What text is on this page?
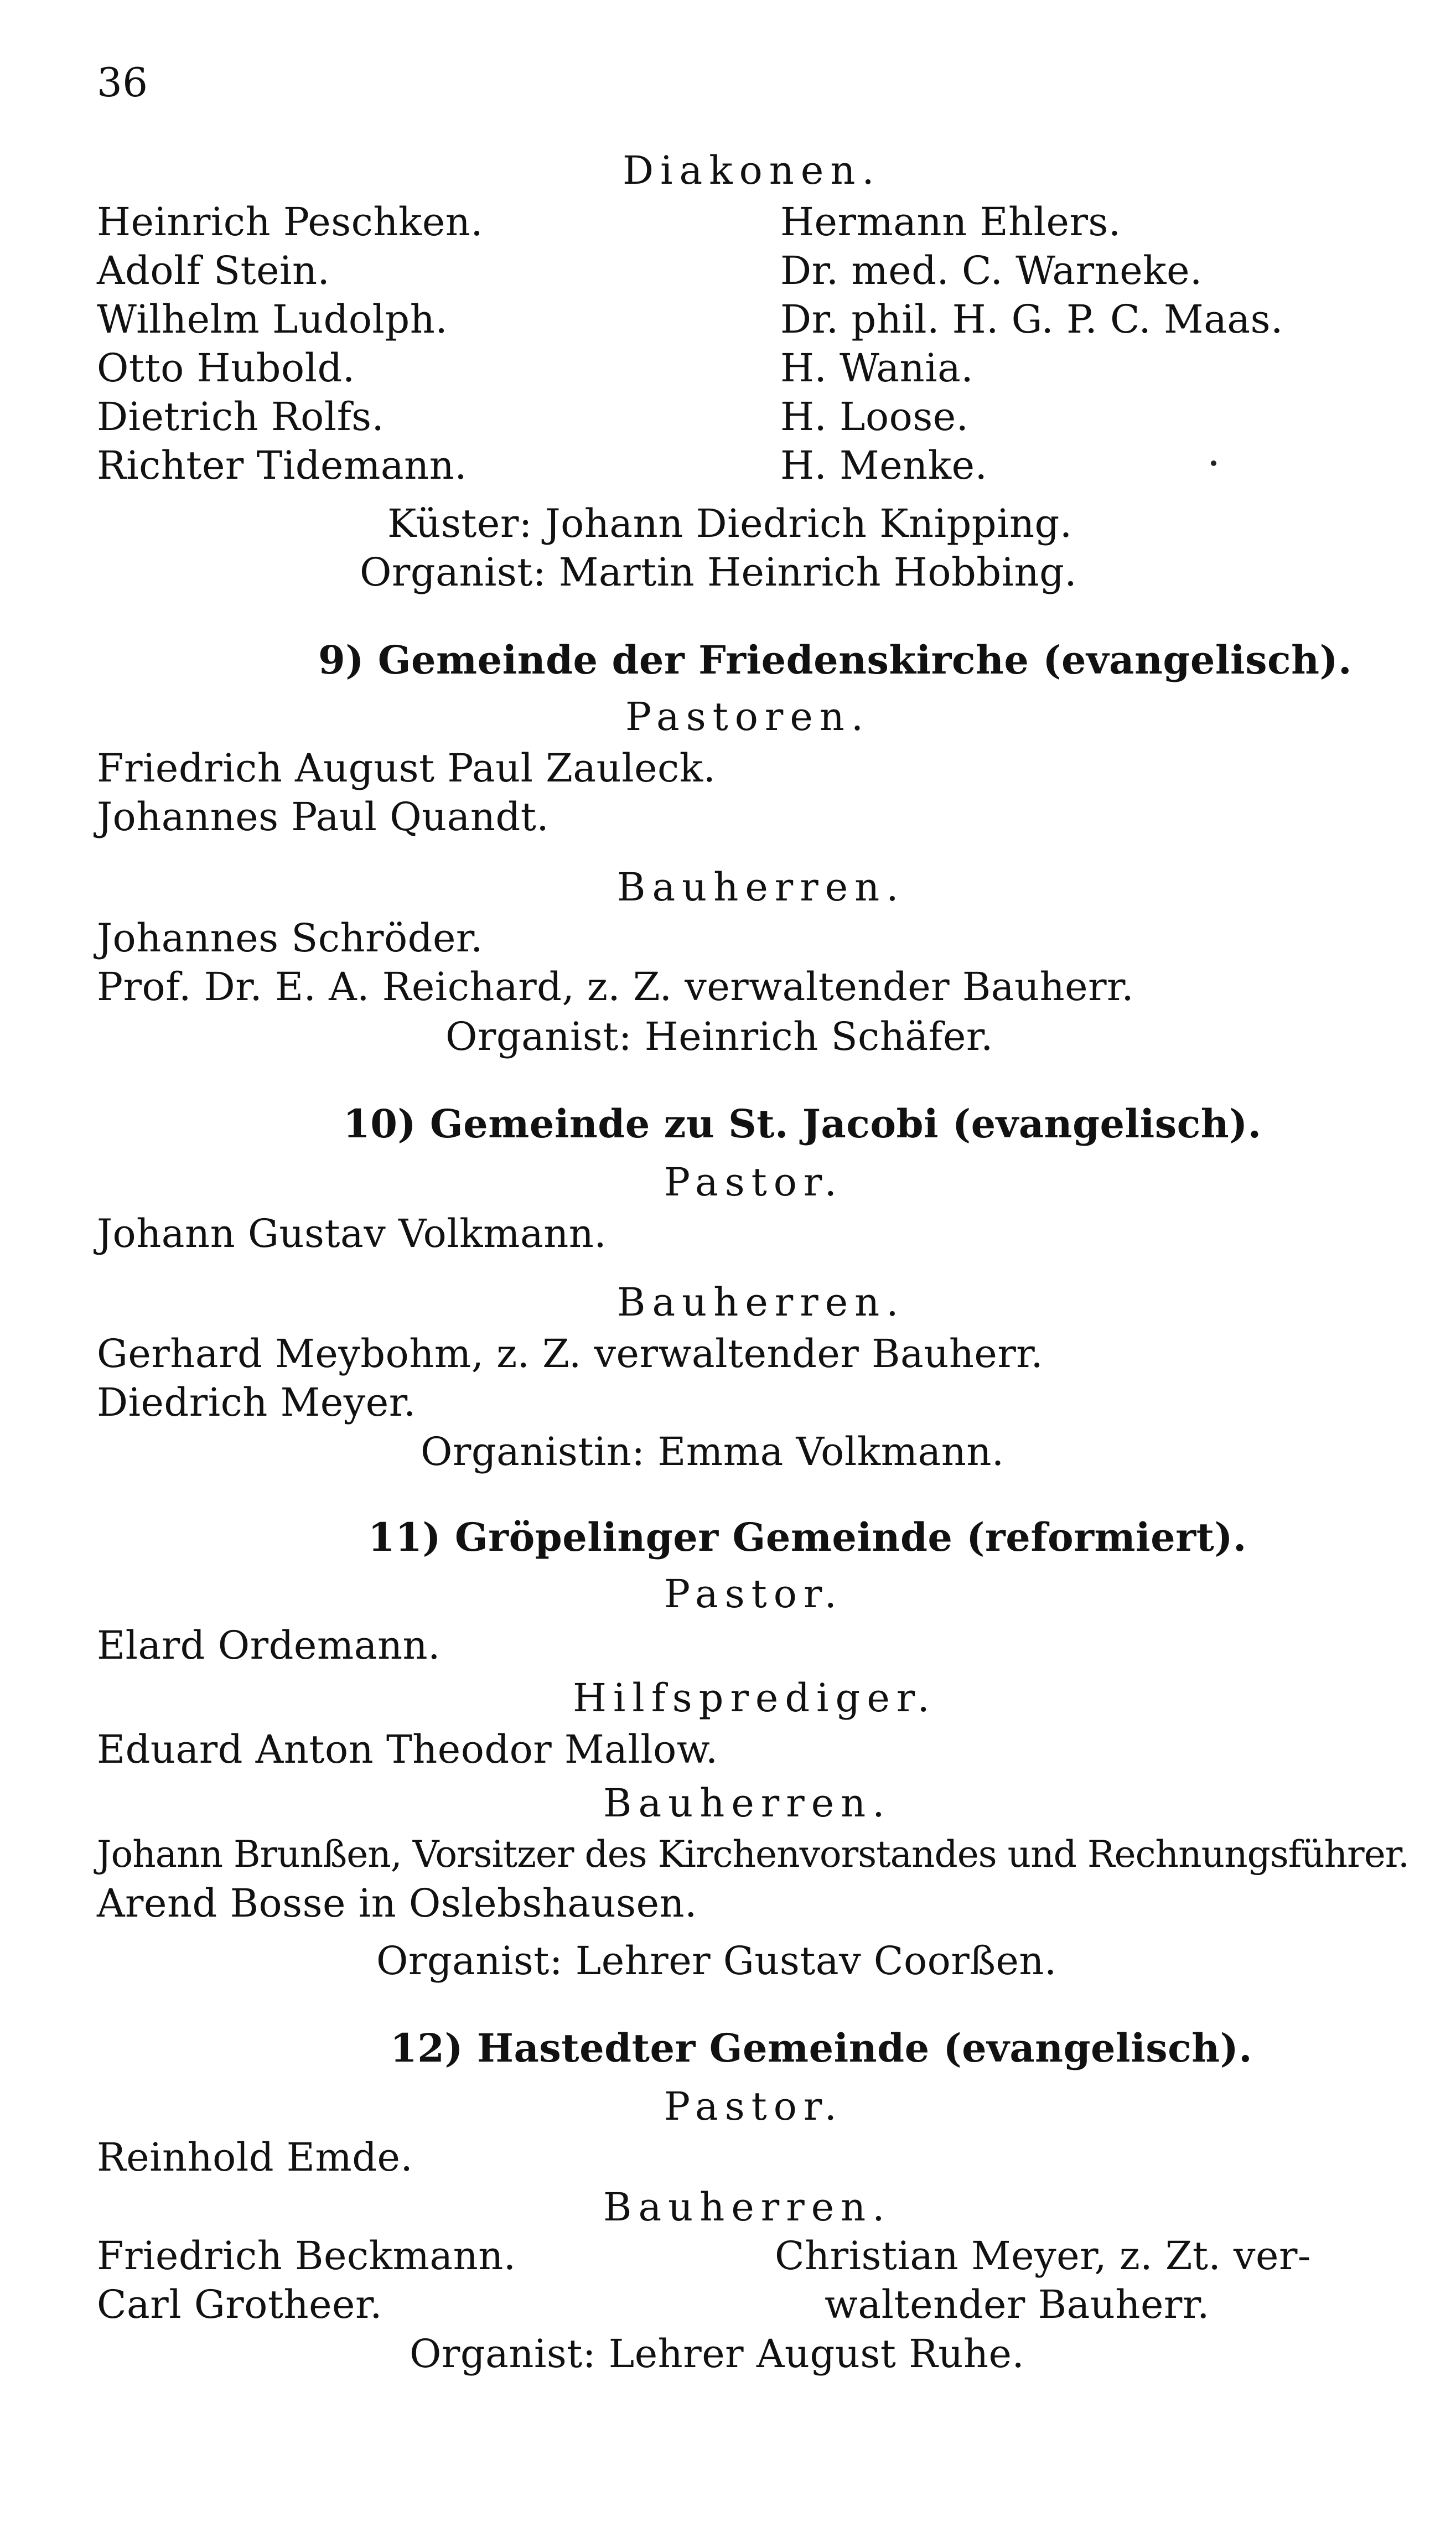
36
Diakonen.
Heinrich Peschken.
Adolf Stein.
Wilhelm Ludolph.
Otto Hubold.
Dietrich Rolfs.
Richter Tidemann.
Hermann Ehlers.
Dr. med. C. Warneke.
Dr. phil. H. G. P. C. Maas.
H. Wania.
H. Loose.
H. Menke.
Küster: Johann Diedrich Knipping.
Organist: Martin Heinrich Hobbing.
9) Gemeinde der Friedenskirche (evangelisch).
Pastoren.
Friedrich August Paul Zauleck.
Johannes Paul Quandt.
Bauherren.
Johannes Schröder.
Prof. Dr. E. A. Reichard, z. Z. verwaltender Bauherr.
Organist: Heinrich Schäfer.
10) Gemeinde zu St. Jacobi (evangelisch).
Pastor.
Johann Gustav Volkmann.
Bauherren.
Gerhard Meybohm, z. Z. verwaltender Bauherr.
Diedrich Meyer.
Organistin: Emma Volkmann.
11) Gröpelinger Gemeinde (reformiert).
Pastor.
Elard Ordemann.
Hilfsprediger.
Eduard Anton Theodor Mallow.
Bauherren.
Johann Brunßen, Vorsitzer des Kirchenvorstandes und Rechnungsführer.
Arend Bosse in Oslebshausen.
Organist: Lehrer Gustav Coorßen.
12) Hastedter Gemeinde (evangelisch).
Pastor.
Reinhold Emde.
Bauherren.
Friedrich Beckmann.
Carl Grotheer.
Christian Meyer, z. Zt. ver-
waltender Bauherr.
Organist: Lehrer August Ruhe.
